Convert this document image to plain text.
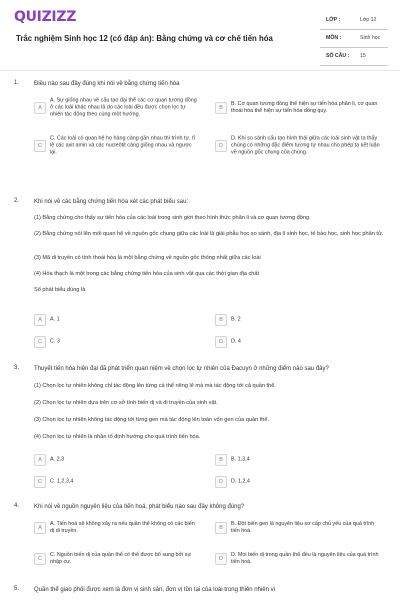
QUIZIZZ
Trắc nghiệm Sinh học 12 (có đáp án): Bằng chứng và cơ chế tiến hóa
LỚP :	Lớp 12
MÔN :	Sinh học
SỐ CÂU : 15
1. Điều nào sau đây đúng khi nói về bằng chứng tiến hóa
A
A. Sự giống nhau về cấu tạo đại thể các cơ quan tương đồng ở các loài khác nhau là do các loài đều được chọn lọc tự nhiên tác động theo cùng một hướng.
B
B. Cơ quan tương đồng thể hiện sự tiến hóa phân li, cơ quan thoái hóa thể hiện sự tiến hóa đồng quy.
C
C. Các loài có quan hệ họ hàng càng gần nhau thì trình tự, tỉ lệ các axit amin và các nucleôtit càng giống nhau và ngược lại.
D
D. Khi so sánh cấu tạo hình thái giữa các loài sinh vật ta thấy chúng có những đặc điểm tương tự nhau cho phép ta kết luận về nguồn gốc chung của chúng.
2. Khi nói về các bằng chứng tiến hóa xét các phát biểu sau:
(1) Bằng chứng cho thấy sự tiến hóa của các loài trong sinh giới theo hình thức phân li và cơ quan tương đồng
(2) Bằng chứng nói lên mối quan hệ về nguồn gốc chung giữa các loài là giải phẫu học so sánh, địa lí sinh học, tế bào học, sinh học phân tử.
(3) Mã di truyền có tính thoái hóa là một bằng chứng về nguồn gốc thống nhất giữa các loài
(4) Hóa thạch là một trong các bằng chứng tiến hóa của sinh vật qua các thời gian địa chất
Số phát biểu đúng là
A	A. 1	B	B. 2
C	C. 3	D	D. 4
3. Thuyết tiến hóa hiện đại đã phát triển quan niệm về chọn lọc tự nhiên của Đacuyn ở những điểm nào sau đây?
(1) Chọn lọc tự nhiên không chỉ tác động lên từng cá thể riêng lẻ mà mà tác động tới cả quần thể.
(2) Chọn lọc tự nhiên dựa trên cơ sở tính biến dị và di truyền của sinh vật.
(3) Chọn lọc tự nhiên không tác động tới từng gen mà tác động lên toàn vốn gen của quần thể.
(4) Chọn lọc tự nhiên là nhân tố định hướng cho quá trình tiến hóa.
A	A. 2,3	B	B. 1,3,4
C	C. 1,2,3,4	D	D. 1,2,4
4. Khi nói về nguồn nguyên liệu của tiến hoá, phát biểu nào sau đây không đúng?
A
A. Tiến hoá sẽ không xảy ra nếu quần thể không có các biến dị di truyền.	B
B. Đột biến gen là nguyên liệu sơ cấp chủ yếu của quá trình tiến hoá.
C
C. Nguồn biến dị của quần thể có thể được bổ sung bởi sự nhập cư.	D
D. Mọi biến dị trong quần thể đều là nguyên liệu của quá trình tiến hoá.
5. Quần thể giao phối được xem là đơn vị sinh sản, đơn vị tồn tại của loài trong thiên nhiên vì
